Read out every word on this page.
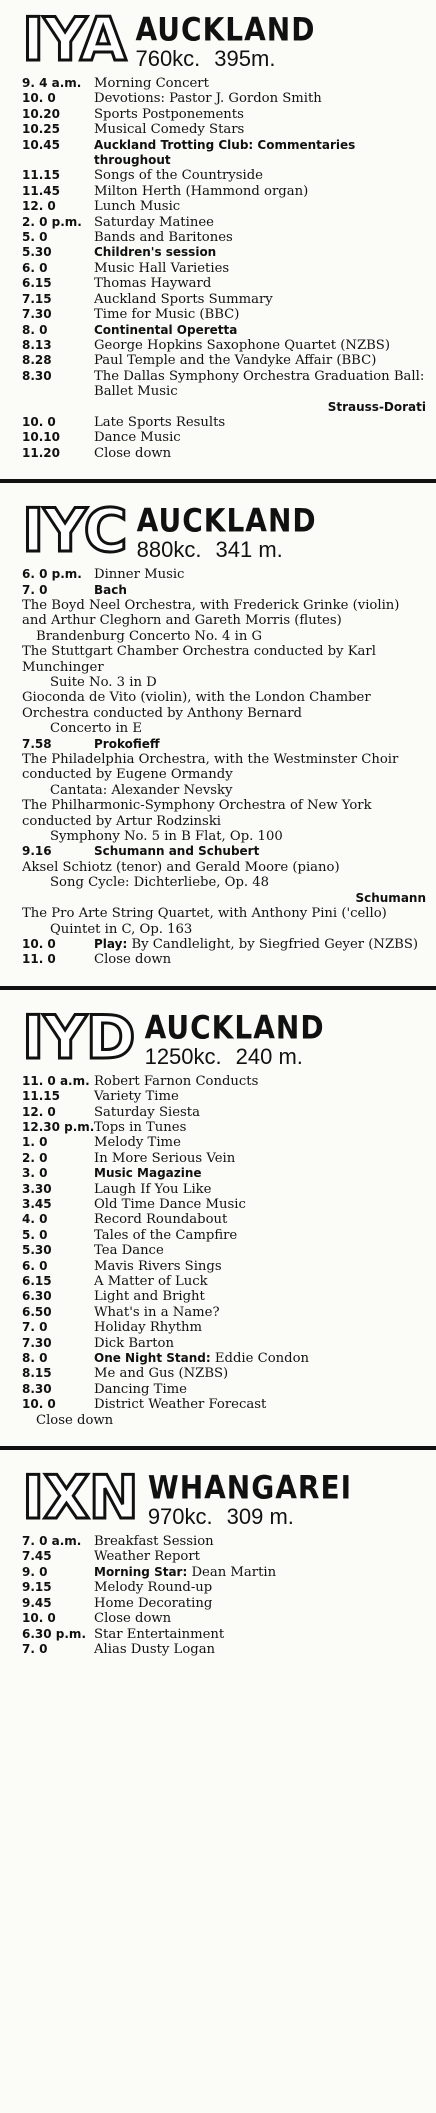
IYA AUCKLAND
760kc. 395m.
9. 4 a.m. Morning Concert
10. 0	Devotions: Pastor J. Gordon Smith
10.20	Sports Postponements
10.25	Musical Comedy Stars
10.45	Auckland Trotting Club: Commentaries throughout
11.15	Songs of the Countryside
11.45	Milton Herth (Hammond organ)
12. 0	Lunch Music
2. 0 p.m. Saturday Matinee
5. 0	Bands and Baritones
5.30	Children's session
6. 0	Music Hall Varieties
6.15	Thomas Hayward
7.15	Auckland Sports Summary
7.30	Time for Music (BBC)
8. 0	Continental Operetta
8.13	George Hopkins Saxophone Quartet (NZBS)
8.28	Paul Temple and the Vandyke Affair (BBC)
8.30	The Dallas Symphony Orchestra Graduation Ball: Ballet Music
Strauss-Dorati
10. 0	Late Sports Results
10.10	Dance Music
11.20	Close down
IYC AUCKLAND
880kc. 341 m.
6. 0 p.m. Dinner Music
7. 0	Bach
The Boyd Neel Orchestra, with Frederick Grinke (violin) and Arthur Cleghorn and Gareth Morris (flutes)
Brandenburg Concerto No. 4 in G
The Stuttgart Chamber Orchestra conducted by Karl Munchinger
Suite No. 3 in D
Gioconda de Vito (violin), with the London Chamber Orchestra conducted by Anthony Bernard
Concerto in E
7.58	Prokofieff
The Philadelphia Orchestra, with the Westminster Choir conducted by Eugene Ormandy
Cantata: Alexander Nevsky
The Philharmonic-Symphony Orchestra of New York conducted by Artur Rodzinski
Symphony No. 5 in B Flat, Op. 100
9.16	Schumann and Schubert
Aksel Schiotz (tenor) and Gerald Moore (piano)
Song Cycle: Dichterliebe, Op. 48
Schumann
The Pro Arte String Quartet, with Anthony Pini ('cello)
Quintet in C, Op. 163
10. 0	Play: By Candlelight, by Siegfried Geyer (NZBS)
11. 0	Close down
IYD AUCKLAND
1250kc. 240 m.
11. 0 a.m. Robert Farnon Conducts
11.15	Variety Time
12. 0	Saturday Siesta
12.30 p.m. Tops in Tunes
1. 0	Melody Time
2. 0	In More Serious Vein
3. 0	Music Magazine
3.30	Laugh If You Like
3.45	Old Time Dance Music
4. 0	Record Roundabout
5. 0	Tales of the Campfire
5.30	Tea Dance
6. 0	Mavis Rivers Sings
6.15	A Matter of Luck
6.30	Light and Bright
6.50	What's in a Name?
7. 0	Holiday Rhythm
7.30	Dick Barton
8. 0	One Night Stand: Eddie Condon
8.15	Me and Gus (NZBS)
8.30	Dancing Time
10. 0	District Weather Forecast
Close down
IXN WHANGAREI
970kc. 309 m.
7. 0 a.m. Breakfast Session
7.45	Weather Report
9. 0	Morning Star: Dean Martin
9.15	Melody Round-up
9.45	Home Decorating
10. 0	Close down
6.30 p.m. Star Entertainment
7. 0	Alias Dusty Logan
